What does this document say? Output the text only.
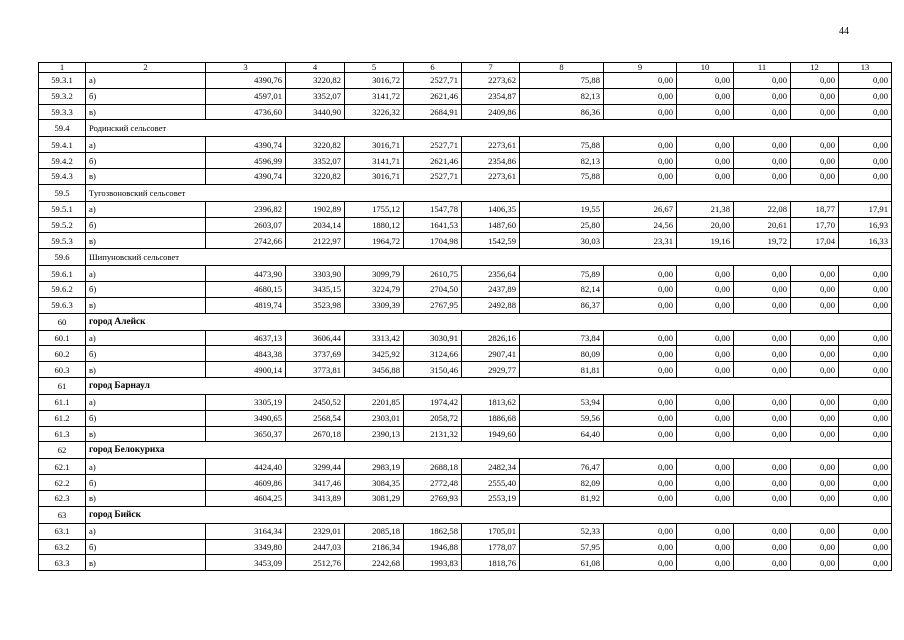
44
1	2	3	4	5	6	7	8	9	10	11	12	13
59.3.1	а)	4390,76	3220,82	3016,72	2527,71	2273,62	75,88	0,00	0,00	0,00	0,00	0,00
59.3.2	б)	4597,01	3352,07	3141,72	2621,46	2354,87	82,13	0,00	0,00	0,00	0,00	0,00
59.3.3	в)	4736,60	3440,90	3226,32	2684,91	2409,86	86,36	0,00	0,00	0,00	0,00	0,00
59.4	Родинский сельсовет											
59.4.1	а)	4390,74	3220,82	3016,71	2527,71	2273,61	75,88	0,00	0,00	0,00	0,00	0,00
59.4.2	б)	4596,99	3352,07	3141,71	2621,46	2354,86	82,13	0,00	0,00	0,00	0,00	0,00
59.4.3	в)	4390,74	3220,82	3016,71	2527,71	2273,61	75,88	0,00	0,00	0,00	0,00	0,00
59.5	Тугозвоновский сельсовет											
59.5.1	а)	2396,82	1902,89	1755,12	1547,78	1406,35	19,55	26,67	21,38	22,08	18,77	17,91
59.5.2	б)	2603,07	2034,14	1880,12	1641,53	1487,60	25,80	24,56	20,00	20,61	17,70	16,93
59.5.3	в)	2742,66	2122,97	1964,72	1704,98	1542,59	30,03	23,31	19,16	19,72	17,04	16,33
59.6	Шипуновский сельсовет											
59.6.1	а)	4473,90	3303,90	3099,79	2610,75	2356,64	75,89	0,00	0,00	0,00	0,00	0,00
59.6.2	б)	4680,15	3435,15	3224,79	2704,50	2437,89	82,14	0,00	0,00	0,00	0,00	0,00
59.6.3	в)	4819,74	3523,98	3309,39	2767,95	2492,88	86,37	0,00	0,00	0,00	0,00	0,00
60	город Алейск											
60.1	а)	4637,13	3606,44	3313,42	3030,91	2826,16	73,84	0,00	0,00	0,00	0,00	0,00
60.2	б)	4843,38	3737,69	3425,92	3124,66	2907,41	80,09	0,00	0,00	0,00	0,00	0,00
60.3	в)	4900,14	3773,81	3456,88	3150,46	2929,77	81,81	0,00	0,00	0,00	0,00	0,00
61	город Барнаул											
61.1	а)	3305,19	2450,52	2201,85	1974,42	1813,62	53,94	0,00	0,00	0,00	0,00	0,00
61.2	б)	3490,65	2568,54	2303,01	2058,72	1886,68	59,56	0,00	0,00	0,00	0,00	0,00
61.3	в)	3650,37	2670,18	2390,13	2131,32	1949,60	64,40	0,00	0,00	0,00	0,00	0,00
62	город Белокуриха											
62.1	а)	4424,40	3299,44	2983,19	2688,18	2482,34	76,47	0,00	0,00	0,00	0,00	0,00
62.2	б)	4609,86	3417,46	3084,35	2772,48	2555,40	82,09	0,00	0,00	0,00	0,00	0,00
62.3	в)	4604,25	3413,89	3081,29	2769,93	2553,19	81,92	0,00	0,00	0,00	0,00	0,00
63	город Бийск											
63.1	а)	3164,34	2329,01	2085,18	1862,58	1705,01	52,33	0,00	0,00	0,00	0,00	0,00
63.2	б)	3349,80	2447,03	2186,34	1946,88	1778,07	57,95	0,00	0,00	0,00	0,00	0,00
63.3	в)	3453,09	2512,76	2242,68	1993,83	1818,76	61,08	0,00	0,00	0,00	0,00	0,00
